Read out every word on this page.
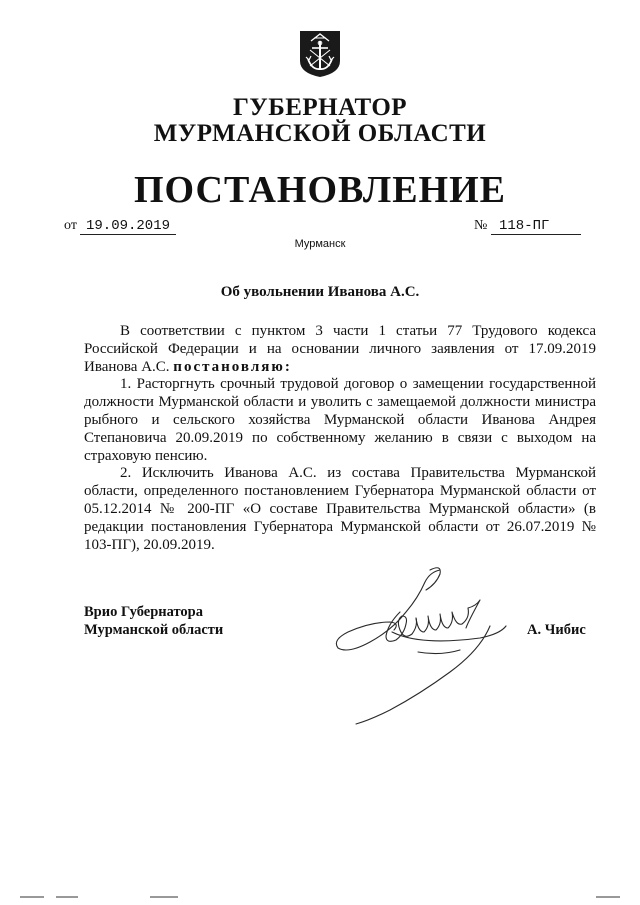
ГУБЕРНАТОР
МУРМАНСКОЙ ОБЛАСТИ
ПОСТАНОВЛЕНИЕ
от 19.09.2019	№ 118-ПГ
Мурманск
Об увольнении Иванова А.С.

В соответствии с пунктом 3 части 1 статьи 77 Трудового кодекса Российской Федерации и на основании личного заявления от 17.09.2019 Иванова А.С. постановляю:

1. Расторгнуть срочный трудовой договор о замещении государственной должности Мурманской области и уволить с замещаемой должности министра рыбного и сельского хозяйства Мурманской области Иванова Андрея Степановича 20.09.2019 по собственному желанию в связи с выходом на страховую пенсию.

2. Исключить Иванова А.С. из состава Правительства Мурманской области, определенного постановлением Губернатора Мурманской области от 05.12.2014 № 200-ПГ «О составе Правительства Мурманской области» (в редакции постановления Губернатора Мурманской области от 26.07.2019 № 103-ПГ), 20.09.2019.

Врио Губернатора
Мурманской области	А. Чибис
